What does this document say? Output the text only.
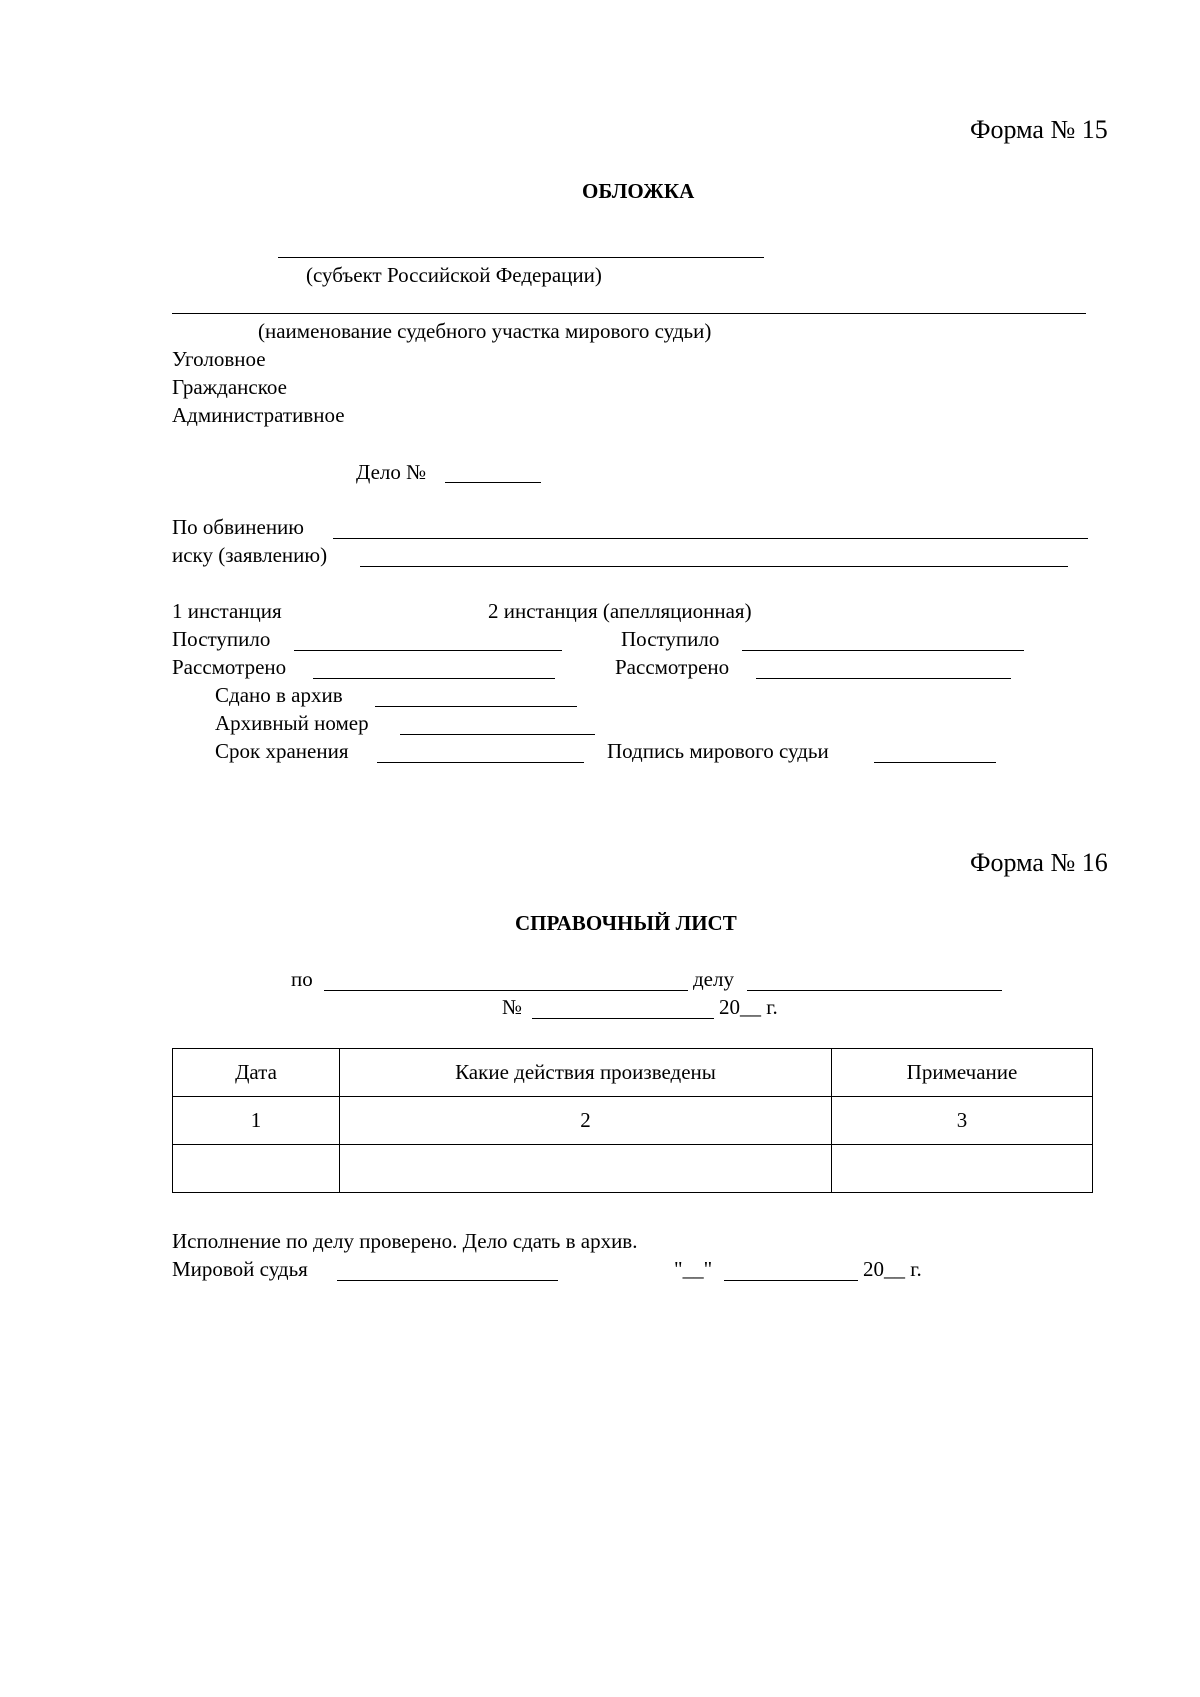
Форма № 15
ОБЛОЖКА
(субъект Российской Федерации)
(наименование судебного участка мирового судьи)
Уголовное
Гражданское
Административное
Дело №
По обвинению
иску (заявлению)
1 инстанция	2 инстанция (апелляционная)
Поступило	Поступило
Рассмотрено	Рассмотрено
Сдано в архив
Архивный номер
Срок хранения	Подпись мирового судьи
Форма № 16
СПРАВОЧНЫЙ ЛИСТ
по	делу
№	20__ г.
Дата	Какие действия произведены	Примечание
1	2	3

Исполнение по делу проверено. Дело сдать в архив.
Мировой судья	"__"	20__ г.
